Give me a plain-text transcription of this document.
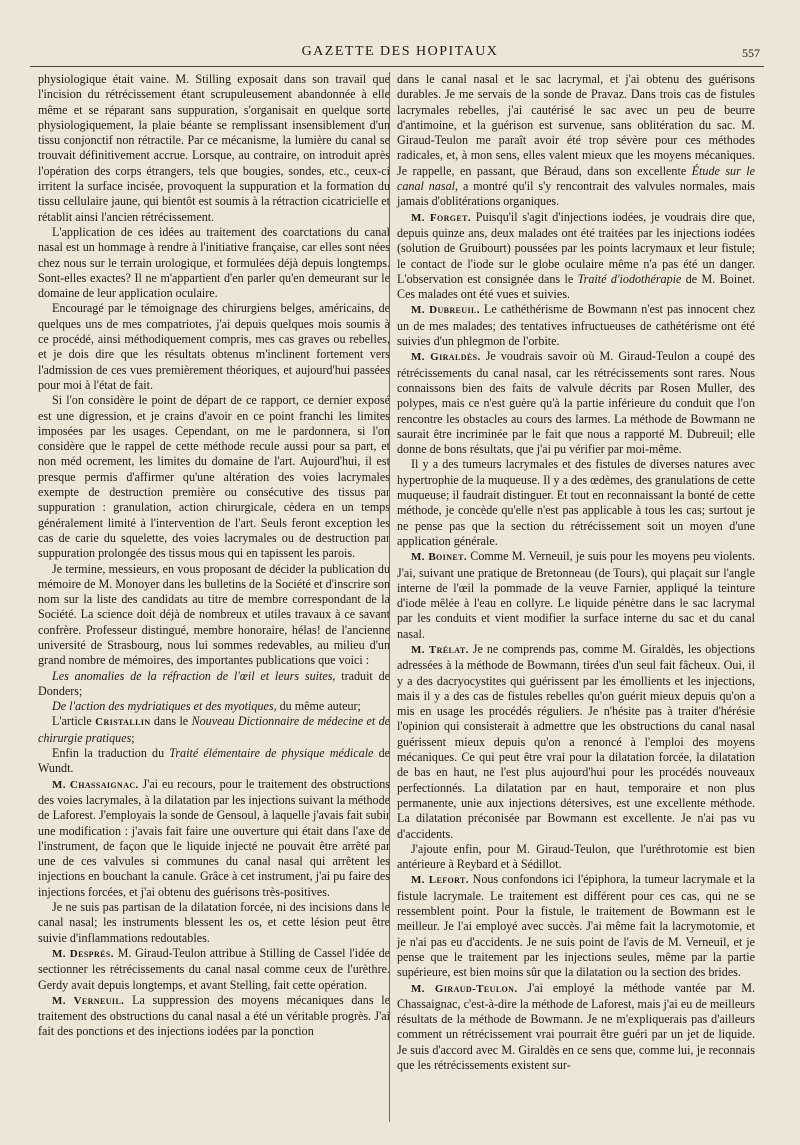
GAZETTE DES HOPITAUX	557

physiologique était vaine. M. Stilling exposait dans son travail que l'incision du rétrécissement étant scrupuleusement abandonnée à elle même et se réparant sans suppuration, s'organisait en quelque sorte physiologiquement, la plaie béante se remplissant insensiblement d'un tissu conjonctif non rétractile. Par ce mécanisme, la lumière du canal se trouvait définitivement accrue. Lorsque, au contraire, on introduit après l'opération des corps étrangers, tels que bougies, sondes, etc., ceux-ci irritent la surface incisée, provoquent la suppuration et la formation du tissu cellulaire jaune, qui bientôt est soumis à la rétraction cicatricielle et rétablit ainsi l'ancien rétrécissement.

L'application de ces idées au traitement des coarctations du canal nasal est un hommage à rendre à l'initiative française, car elles sont nées chez nous sur le terrain urologique, et formulées déjà depuis longtemps. Sont-elles exactes? Il ne m'appartient d'en parler qu'en demeurant sur le domaine de leur application oculaire.

Encouragé par le témoignage des chirurgiens belges, américains, de quelques uns de mes compatriotes, j'ai depuis quelques mois soumis à ce procédé, ainsi méthodiquement compris, mes cas graves ou rebelles, et je dois dire que les résultats obtenus m'inclinent fortement vers l'admission de ces vues premièrement théoriques, et aujourd'hui passées pour moi à l'état de fait.

Si l'on considère le point de départ de ce rapport, ce dernier exposé est une digression, et je crains d'avoir en ce point franchi les limites imposées par les usages. Cependant, on me le pardonnera, si l'on considère que le rappel de cette méthode recule aussi pour sa part, et non méd ocrement, les limites du domaine de l'art. Aujourd'hui, il est presque permis d'affirmer qu'une altération des voies lacrymales exempte de destruction première ou consécutive des tissus par suppuration : granulation, action chirurgicale, cèdera en un temps généralement limité à l'intervention de l'art. Seuls feront exception les cas de carie du squelette, des voies lacrymales ou de destruction par suppuration prolongée des tissus mous qui en tapissent les parois.

Je termine, messieurs, en vous proposant de décider la publication du mémoire de M. Monoyer dans les bulletins de la Société et d'inscrire son nom sur la liste des candidats au titre de membre correspondant de la Société. La science doit déjà de nombreux et utiles travaux à ce savant confrère. Professeur distingué, membre honoraire, hélas! de l'ancienne université de Strasbourg, nous lui sommes redevables, au milieu d'un grand nombre de mémoires, des importantes publications que voici :

Les anomalies de la réfraction de l'œil et leurs suites, traduit de Donders;

De l'action des mydriatiques et des myotiques, du même auteur;

L'article Cristallin dans le Nouveau Dictionnaire de médecine et de chirurgie pratiques;

Enfin la traduction du Traité élémentaire de physique médicale de Wundt.

M. Chassaignac. J'ai eu recours, pour le traitement des obstructions des voies lacrymales, à la dilatation par les injections suivant la méthode de Laforest. J'employais la sonde de Gensoul, à laquelle j'avais fait subir une modification : j'avais fait faire une ouverture qui était dans l'axe de l'instrument, de façon que le liquide injecté ne pouvait être arrêté par une de ces valvules si communes du canal nasal qui arrêtent les injections en bouchant la canule. Grâce à cet instrument, j'ai pu faire des injections forcées, et j'ai obtenu des guérisons très-positives.

Je ne suis pas partisan de la dilatation forcée, ni des incisions dans le canal nasal; les instruments blessent les os, et cette lésion peut être suivie d'inflammations redoutables.

M. Després. M. Giraud-Teulon attribue à Stilling de Cassel l'idée de sectionner les rétrécissements du canal nasal comme ceux de l'urèthre. Gerdy avait depuis longtemps, et avant Stelling, fait cette opération.

M. Verneuil. La suppression des moyens mécaniques dans le traitement des obstructions du canal nasal a été un véritable progrès. J'ai fait des ponctions et des injections iodées par la ponction

dans le canal nasal et le sac lacrymal, et j'ai obtenu des guérisons durables. Je me servais de la sonde de Pravaz. Dans trois cas de fistules lacrymales rebelles, j'ai cautérisé le sac avec un peu de beurre d'antimoine, et la guérison est survenue, sans oblitération du sac. M. Giraud-Teulon me paraît avoir été trop sévère pour ces méthodes radicales, et, à mon sens, elles valent mieux que les moyens mécaniques. Je rappelle, en passant, que Béraud, dans son excellente Étude sur le canal nasal, a montré qu'il s'y rencontrait des valvules normales, mais jamais d'oblitérations organiques.

M. Forget. Puisqu'il s'agit d'injections iodées, je voudrais dire que, depuis quinze ans, deux malades ont été traitées par les injections iodées (solution de Gruibourt) poussées par les points lacrymaux et leur fistule; le contact de l'iode sur le globe oculaire même n'a pas été un danger. L'observation est consignée dans le Traité d'iodothérapie de M. Boinet. Ces malades ont été vues et suivies.

M. Dubreuil. Le cathéthérisme de Bowmann n'est pas innocent chez un de mes malades; des tentatives infructueuses de cathétérisme ont été suivies d'un phlegmon de l'orbite.

M. Giraldès. Je voudrais savoir où M. Giraud-Teulon a coupé des rétrécissements du canal nasal, car les rétrécissements sont rares. Nous connaissons bien des faits de valvule décrits par Rosen Muller, des polypes, mais ce n'est guère qu'à la partie inférieure du conduit que l'on rencontre les obstacles au cours des larmes. La méthode de Bowmann ne saurait être incriminée par le fait que nous a rapporté M. Dubreuil; elle donne de bons résultats, que j'ai pu vérifier par moi-même.

Il y a des tumeurs lacrymales et des fistules de diverses natures avec hypertrophie de la muqueuse. Il y a des œdèmes, des granulations de cette muqueuse; il faudrait distinguer. Et tout en reconnaissant la bonté de cette méthode, je concède qu'elle n'est pas applicable à tous les cas; surtout je ne pense pas que la section du rétrécissement soit un moyen d'une application générale.

M. Boinet. Comme M. Verneuil, je suis pour les moyens peu violents. J'ai, suivant une pratique de Bretonneau (de Tours), qui plaçait sur l'angle interne de l'œil la pommade de la veuve Farnier, appliqué la teinture d'iode mêlée à l'eau en collyre. Le liquide pénètre dans le sac lacrymal par les conduits et vient modifier la surface interne du sac et du canal nasal.

M. Trélat. Je ne comprends pas, comme M. Giraldès, les objections adressées à la méthode de Bowmann, tirées d'un seul fait fâcheux. Oui, il y a des dacryocystites qui guérissent par les émollients et les injections, mais il y a des cas de fistules rebelles qu'on guérit mieux depuis qu'on a mis en usage les procédés réguliers. Je n'hésite pas à traiter d'hérésie l'opinion qui consisterait à admettre que les obstructions du canal nasal guérissent mieux depuis qu'on a renoncé à l'emploi des moyens mécaniques. Ce qui peut être vrai pour la dilatation forcée, la dilatation de bas en haut, ne l'est plus aujourd'hui pour les procédés nouveaux perfectionnés. La dilatation par en haut, temporaire et non plus permanente, unie aux injections détersives, est une excellente méthode. La dilatation préconisée par Bowmann est excellente. Je n'ai pas vu d'accidents.

J'ajoute enfin, pour M. Giraud-Teulon, que l'uréthrotomie est bien antérieure à Reybard et à Sédillot.

M. Lefort. Nous confondons ici l'épiphora, la tumeur lacrymale et la fistule lacrymale. Le traitement est différent pour ces cas, qui ne se ressemblent point. Pour la fistule, le traitement de Bowmann est le meilleur. Je l'ai employé avec succès. J'ai même fait la lacrymotomie, et je n'ai pas eu d'accidents. Je ne suis point de l'avis de M. Verneuil, et je pense que le traitement par les injections seules, même par la partie supérieure, est bien moins sûr que la dilatation ou la section des brides.

M. Giraud-Teulon. J'ai employé la méthode vantée par M. Chassaignac, c'est-à-dire la méthode de Laforest, mais j'ai eu de meilleurs résultats de la méthode de Bowmann. Je ne m'expliquerais pas d'ailleurs comment un rétrécissement vrai pourrait être guéri par un jet de liquide. Je suis d'accord avec M. Giraldès en ce sens que, comme lui, je reconnais que les rétrécissements existent sur-
